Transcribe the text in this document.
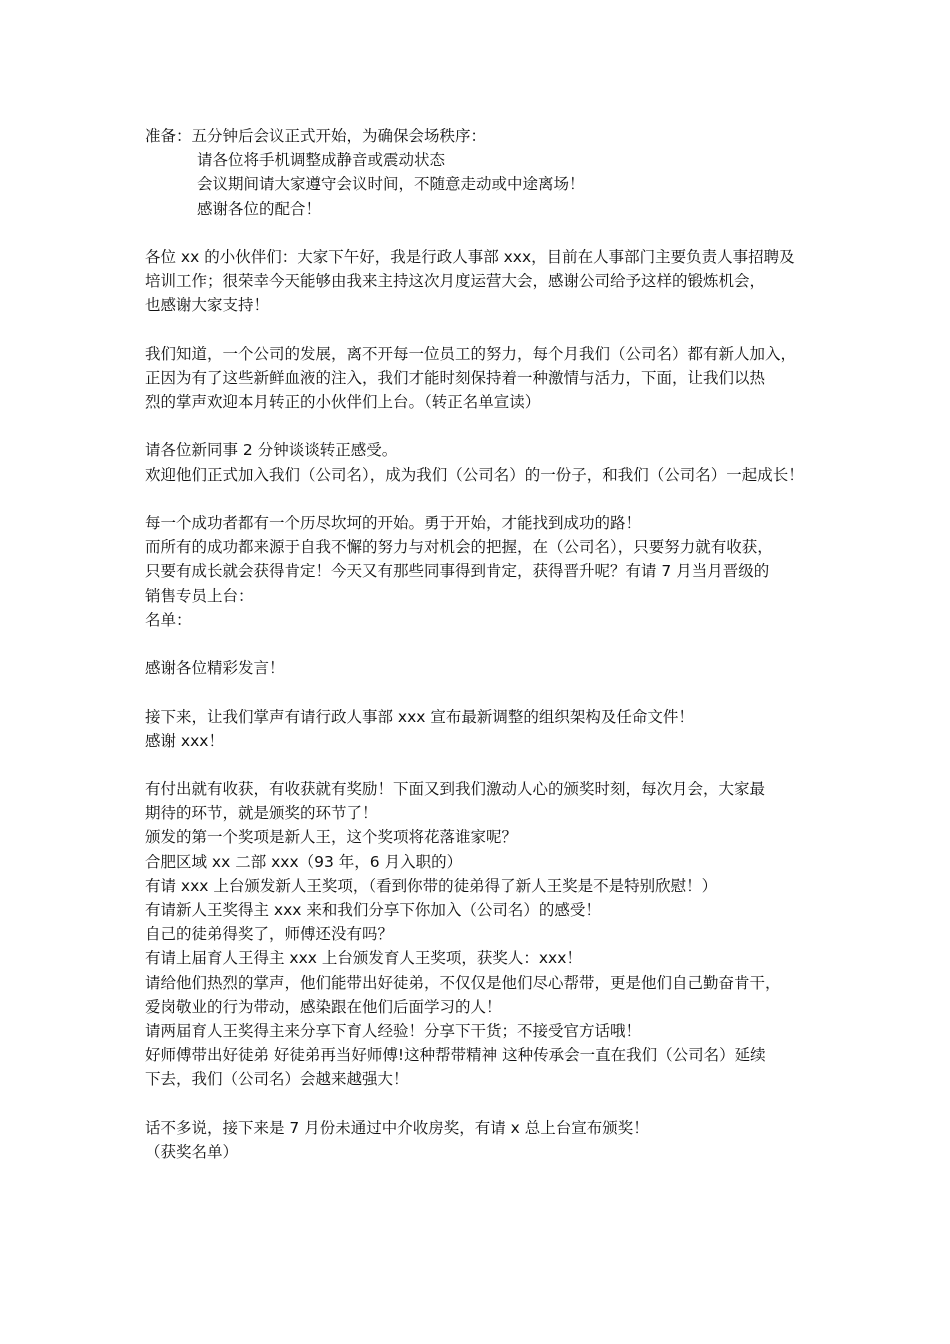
准备：五分钟后会议正式开始，为确保会场秩序：
请各位将手机调整成静音或震动状态
会议期间请大家遵守会议时间，不随意走动或中途离场！
感谢各位的配合！
各位 xx 的小伙伴们：大家下午好，我是行政人事部 xxx，目前在人事部门主要负责人事招聘及
培训工作；很荣幸今天能够由我来主持这次月度运营大会，感谢公司给予这样的锻炼机会，
也感谢大家支持！
我们知道，一个公司的发展，离不开每一位员工的努力，每个月我们（公司名）都有新人加入，
正因为有了这些新鲜血液的注入，我们才能时刻保持着一种激情与活力，下面，让我们以热
烈的掌声欢迎本月转正的小伙伴们上台。（转正名单宣读）
请各位新同事 2 分钟谈谈转正感受。
欢迎他们正式加入我们（公司名），成为我们（公司名）的一份子，和我们（公司名）一起成长！
每一个成功者都有一个历尽坎坷的开始。勇于开始，才能找到成功的路！
而所有的成功都来源于自我不懈的努力与对机会的把握，在（公司名），只要努力就有收获，
只要有成长就会获得肯定！今天又有那些同事得到肯定，获得晋升呢？有请 7 月当月晋级的
销售专员上台：
名单：
感谢各位精彩发言！
接下来，让我们掌声有请行政人事部 xxx 宣布最新调整的组织架构及任命文件！
感谢 xxx！
有付出就有收获，有收获就有奖励！下面又到我们激动人心的颁奖时刻，每次月会，大家最
期待的环节，就是颁奖的环节了！
颁发的第一个奖项是新人王，这个奖项将花落谁家呢？
合肥区域 xx 二部 xxx（93 年，6 月入职的）
有请 xxx 上台颁发新人王奖项，（看到你带的徒弟得了新人王奖是不是特别欣慰！）
有请新人王奖得主 xxx 来和我们分享下你加入（公司名）的感受！
自己的徒弟得奖了，师傅还没有吗？
有请上届育人王得主 xxx 上台颁发育人王奖项，获奖人：xxx！
请给他们热烈的掌声，他们能带出好徒弟，不仅仅是他们尽心帮带，更是他们自己勤奋肯干，
爱岗敬业的行为带动，感染跟在他们后面学习的人！
请两届育人王奖得主来分享下育人经验！分享下干货；不接受官方话哦！
好师傅带出好徒弟 好徒弟再当好师傅!这种帮带精神 这种传承会一直在我们（公司名）延续
下去，我们（公司名）会越来越强大！
话不多说，接下来是 7 月份未通过中介收房奖，有请 x 总上台宣布颁奖！
（获奖名单）
